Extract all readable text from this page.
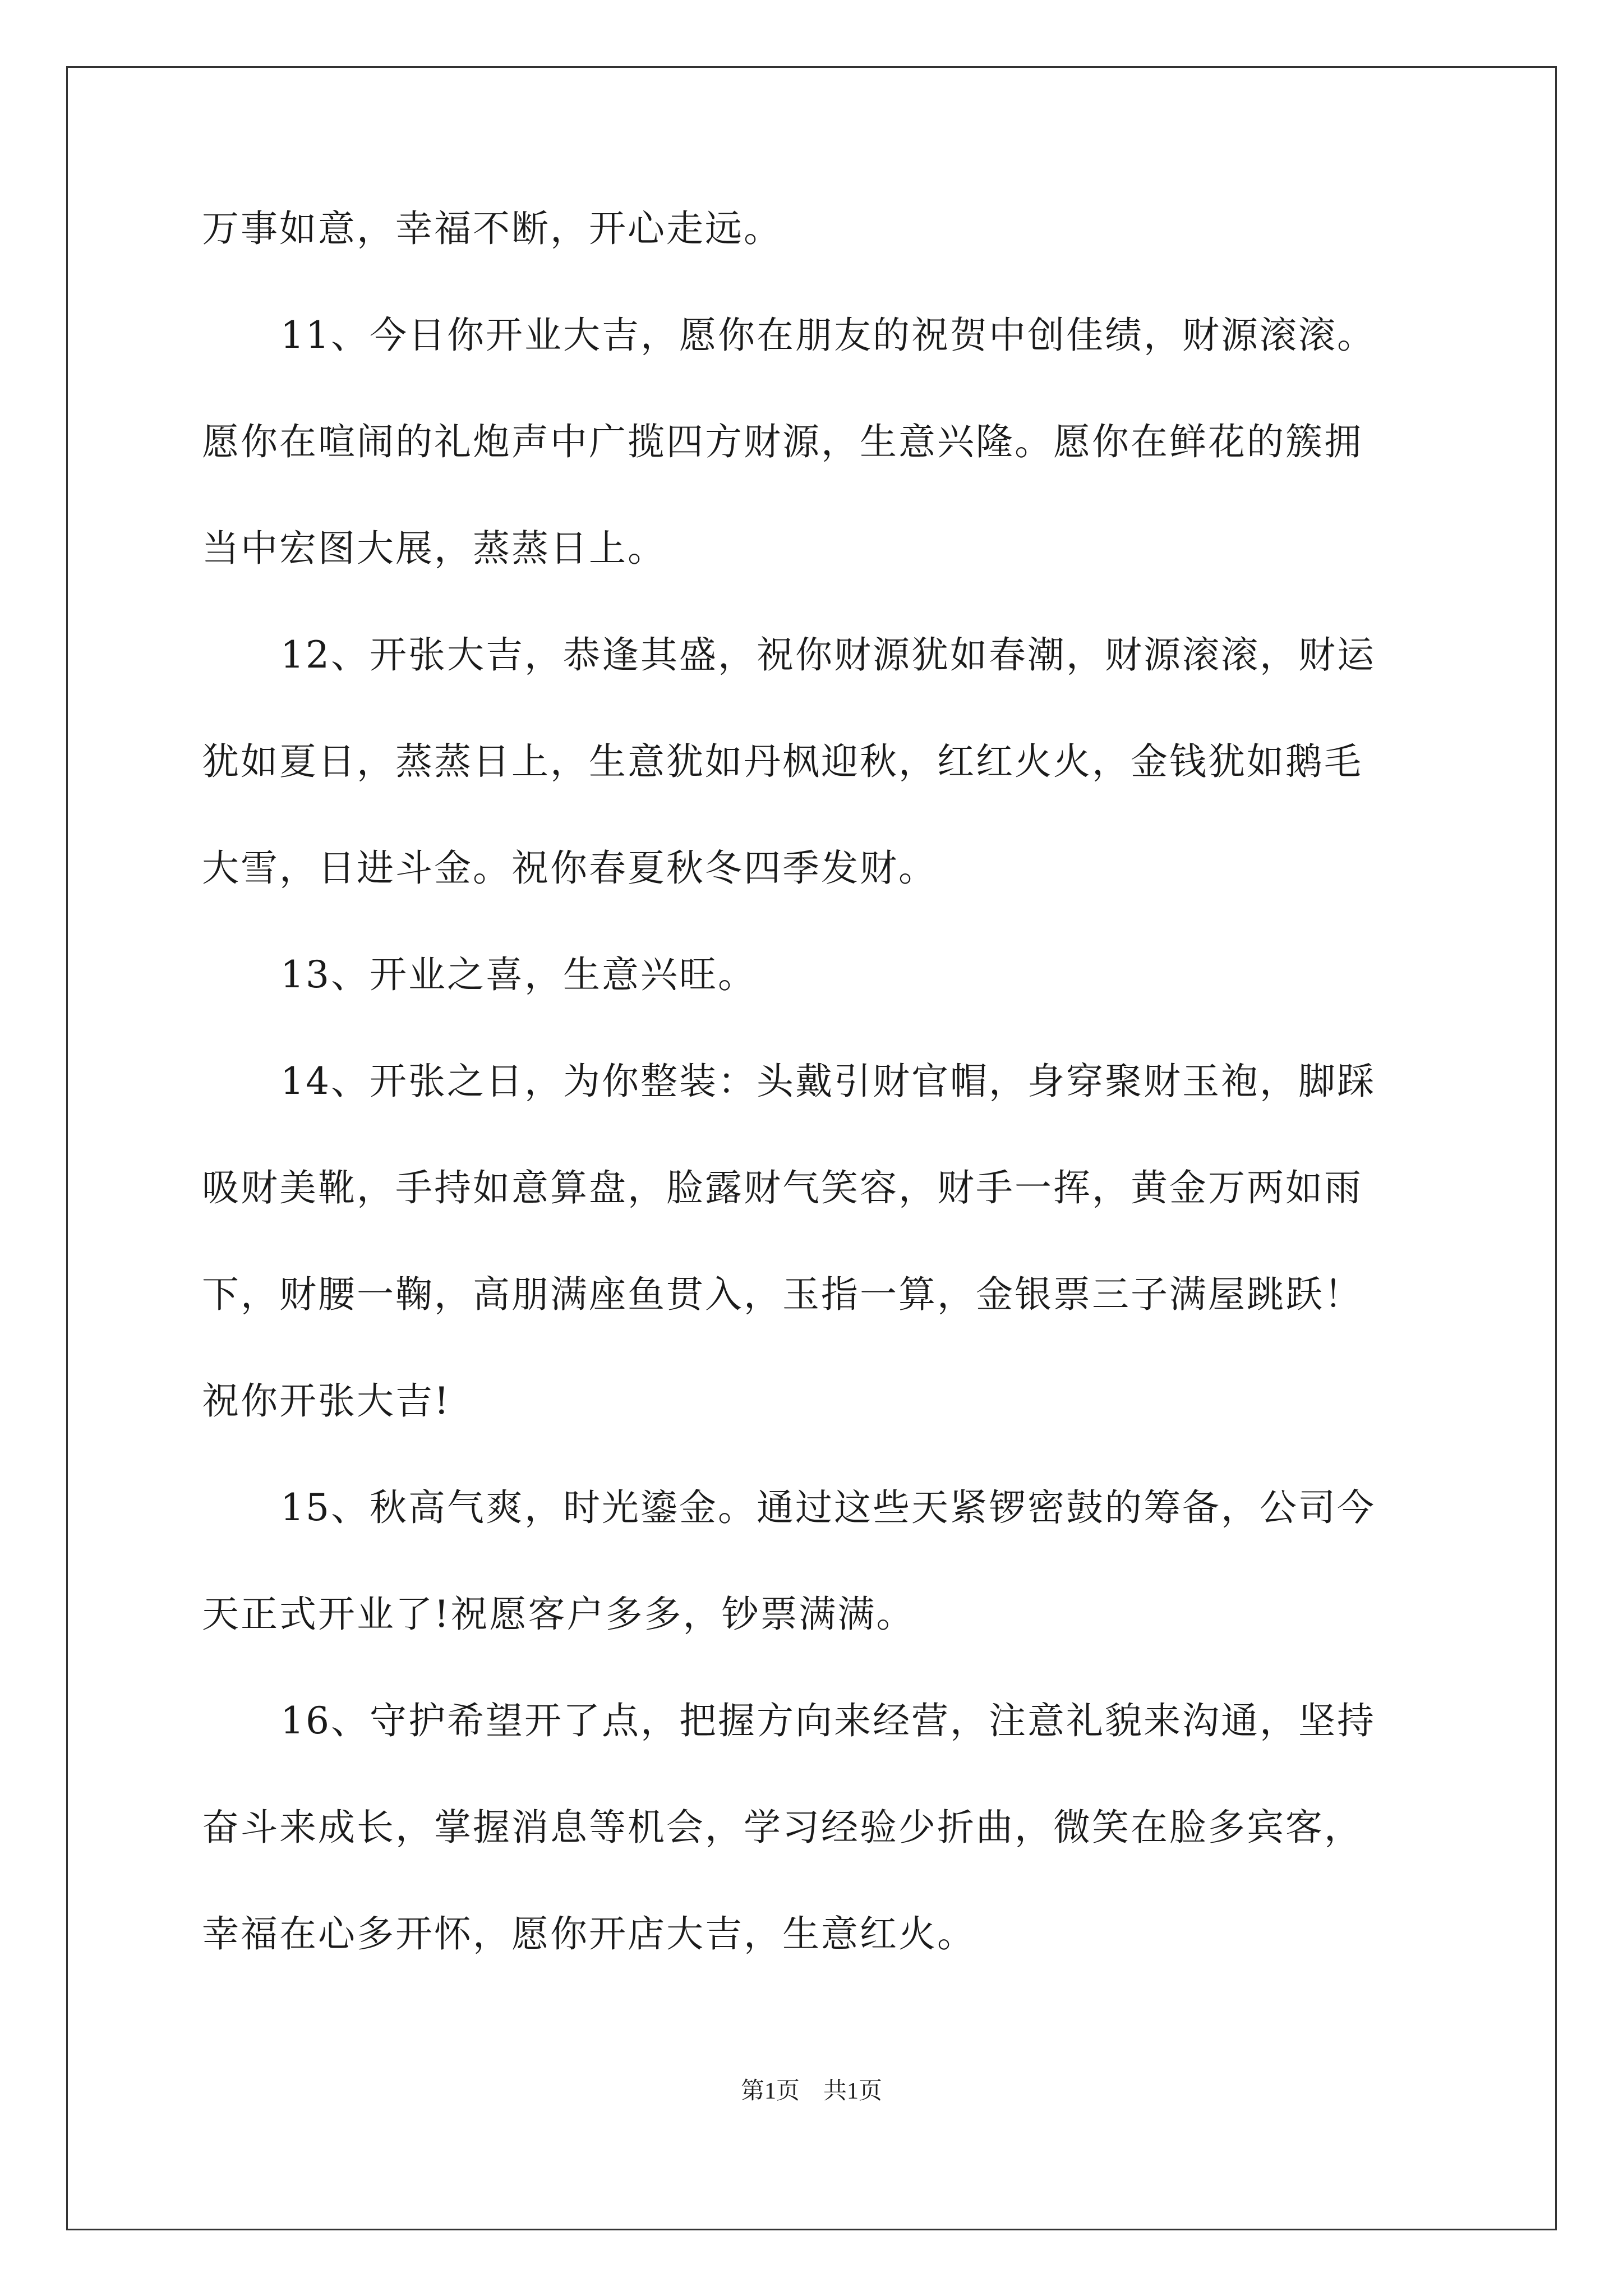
万事如意，幸福不断，开心走远。
11、今日你开业大吉，愿你在朋友的祝贺中创佳绩，财源滚滚。
愿你在喧闹的礼炮声中广揽四方财源，生意兴隆。愿你在鲜花的簇拥
当中宏图大展，蒸蒸日上。
12、开张大吉，恭逢其盛，祝你财源犹如春潮，财源滚滚，财运
犹如夏日，蒸蒸日上，生意犹如丹枫迎秋，红红火火，金钱犹如鹅毛
大雪，日进斗金。祝你春夏秋冬四季发财。
13、开业之喜，生意兴旺。
14、开张之日，为你整装：头戴引财官帽，身穿聚财玉袍，脚踩
吸财美靴，手持如意算盘，脸露财气笑容，财手一挥，黄金万两如雨
下，财腰一鞠，高朋满座鱼贯入，玉指一算，金银票三子满屋跳跃！
祝你开张大吉!
15、秋高气爽，时光鎏金。通过这些天紧锣密鼓的筹备，公司今
天正式开业了!祝愿客户多多，钞票满满。
16、守护希望开了点，把握方向来经营，注意礼貌来沟通，坚持
奋斗来成长，掌握消息等机会，学习经验少折曲，微笑在脸多宾客，
幸福在心多开怀，愿你开店大吉，生意红火。
第1页　共1页
